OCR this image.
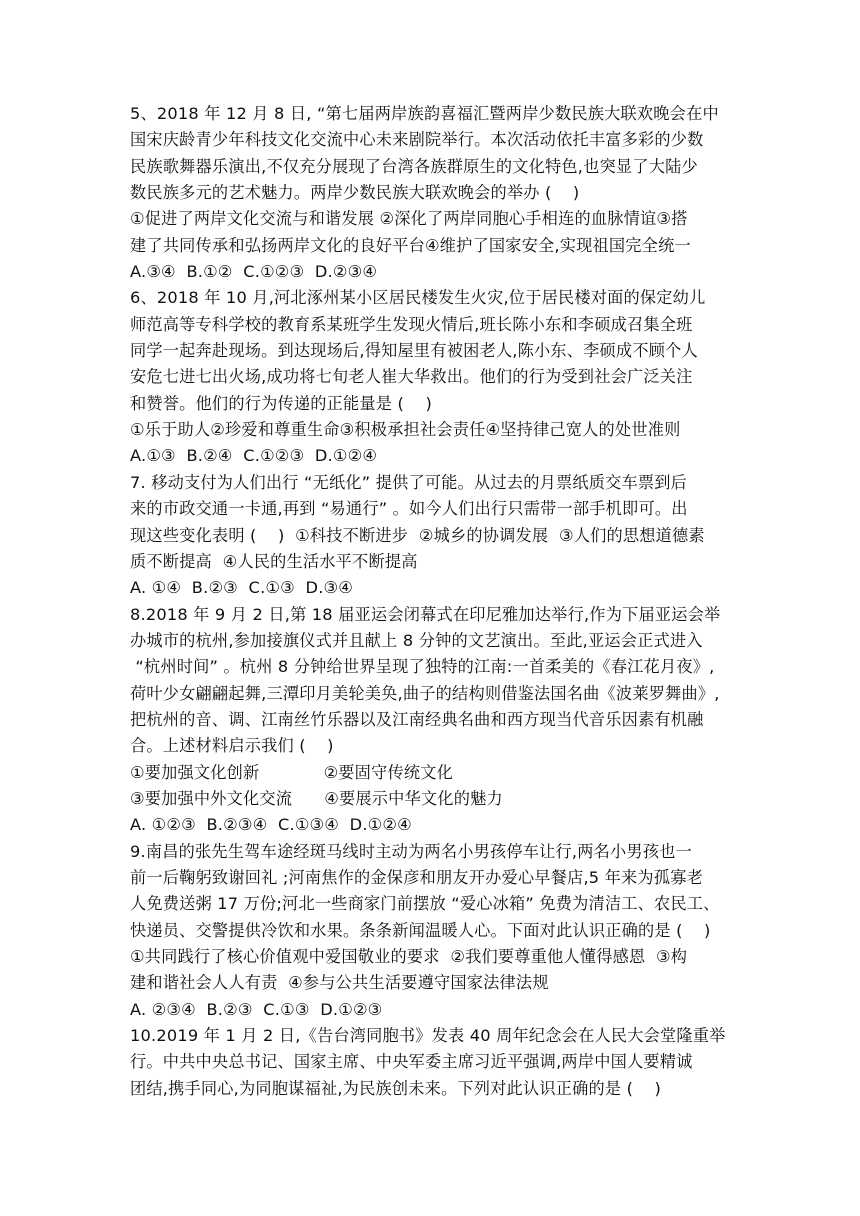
5、2018 年 12 月 8 日, “第七届两岸族韵喜福汇暨两岸少数民族大联欢晚会在中
国宋庆龄青少年科技文化交流中心未来剧院举行。本次活动依托丰富多彩的少数
民族歌舞器乐演出,不仅充分展现了台湾各族群原生的文化特色,也突显了大陆少
数民族多元的艺术魅力。两岸少数民族大联欢晚会的举办 (    )
①促进了两岸文化交流与和谐发展 ②深化了两岸同胞心手相连的血脉情谊③搭
建了共同传承和弘扬两岸文化的良好平台④维护了国家安全,实现祖国完全统一
A.③④  B.①②  C.①②③  D.②③④
6、2018 年 10 月,河北涿州某小区居民楼发生火灾,位于居民楼对面的保定幼儿
师范高等专科学校的教育系某班学生发现火情后,班长陈小东和李硕成召集全班
同学一起奔赴现场。到达现场后,得知屋里有被困老人,陈小东、李硕成不顾个人
安危七进七出火场,成功将七旬老人崔大华救出。他们的行为受到社会广泛关注
和赞誉。他们的行为传递的正能量是 (    )
①乐于助人②珍爱和尊重生命③积极承担社会责任④坚持律己宽人的处世准则
A.①③  B.②④  C.①②③  D.①②④
7. 移动支付为人们出行 “无纸化” 提供了可能。从过去的月票纸质交车票到后
来的市政交通一卡通,再到 “易通行” 。如今人们出行只需带一部手机即可。出
现这些变化表明 (    )  ①科技不断进步  ②城乡的协调发展  ③人们的思想道德素
质不断提高  ④人民的生活水平不断提高
A. ①④  B.②③  C.①③  D.③④
8.2018 年 9 月 2 日,第 18 届亚运会闭幕式在印尼雅加达举行,作为下届亚运会举
办城市的杭州,参加接旗仪式并且献上 8 分钟的文艺演出。至此,亚运会正式进入
“杭州时间” 。杭州 8 分钟给世界呈现了独特的江南:一首柔美的《春江花月夜》,
荷叶少女翩翩起舞,三潭印月美轮美奂,曲子的结构则借鉴法国名曲《波莱罗舞曲》,
把杭州的音、调、江南丝竹乐器以及江南经典名曲和西方现当代音乐因素有机融
合。上述材料启示我们 (    )
①要加强文化创新            ②要固守传统文化
③要加强中外文化交流      ④要展示中华文化的魅力
A. ①②③  B.②③④  C.①③④  D.①②④
9.南昌的张先生驾车途经斑马线时主动为两名小男孩停车让行,两名小男孩也一
前一后鞠躬致谢回礼 ;河南焦作的金保彦和朋友开办爱心早餐店,5 年来为孤寡老
人免费送粥 17 万份;河北一些商家门前摆放 “爱心冰箱” 免费为清洁工、农民工、
快递员、交警提供冷饮和水果。条条新闻温暖人心。下面对此认识正确的是 (    )
①共同践行了核心价值观中爱国敬业的要求  ②我们要尊重他人懂得感恩  ③构
建和谐社会人人有责  ④参与公共生活要遵守国家法律法规
A. ②③④  B.②③  C.①③  D.①②③
10.2019 年 1 月 2 日,《告台湾同胞书》发表 40 周年纪念会在人民大会堂隆重举
行。中共中央总书记、国家主席、中央军委主席习近平强调,两岸中国人要精诚
团结,携手同心,为同胞谋福祉,为民族创未来。下列对此认识正确的是 (    )
